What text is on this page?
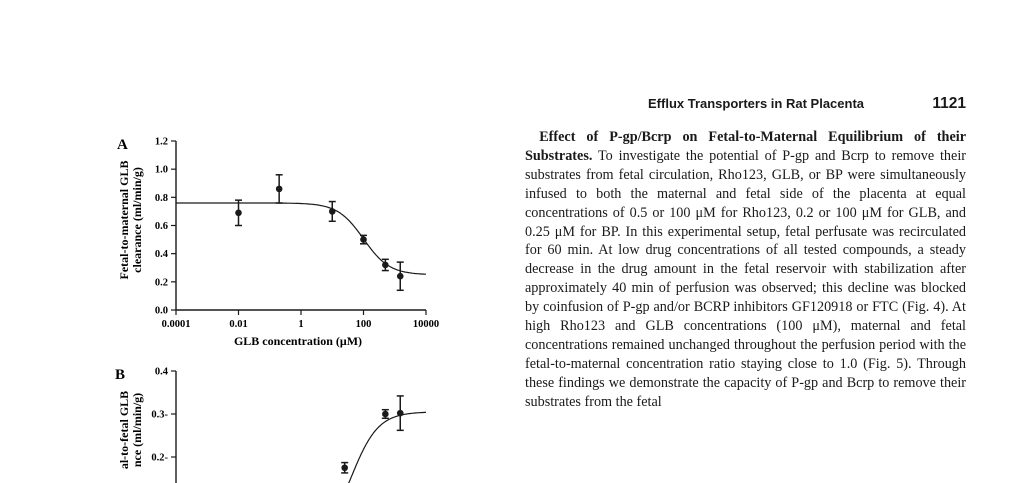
Efflux Transporters in Rat Placenta	1121

Effect of P-gp/Bcrp on Fetal-to-Maternal Equilibrium of their Substrates. To investigate the potential of P-gp and Bcrp to remove their substrates from fetal circulation, Rho123, GLB, or BP were simultaneously infused to both the maternal and fetal side of the placenta at equal concentrations of 0.5 or 100 μM for Rho123, 0.2 or 100 μM for GLB, and 0.25 μM for BP. In this experimental setup, fetal perfusate was recirculated for 60 min. At low drug concentrations of all tested compounds, a steady decrease in the drug amount in the fetal reservoir with stabilization after approximately 40 min of perfusion was observed; this decline was blocked by coinfusion of P-gp and/or BCRP inhibitors GF120918 or FTC (Fig. 4). At high Rho123 and GLB concentrations (100 μM), maternal and fetal concentrations remained unchanged throughout the perfusion period with the fetal-to-maternal concentration ratio staying close to 1.0 (Fig. 5). Through these findings we demonstrate the capacity of P-gp and Bcrp to remove their substrates from the fetal

A
Fetal-to-maternal GLB clearance (ml/min/g)
0.0
0.2
0.4
0.6
0.8
1.0
1.2
0.0001	0.01	1	100	10000
GLB concentration (μM)
B
al-to-fetal GLB nce (ml/min/g) 0.2-
0.3-
0.4
